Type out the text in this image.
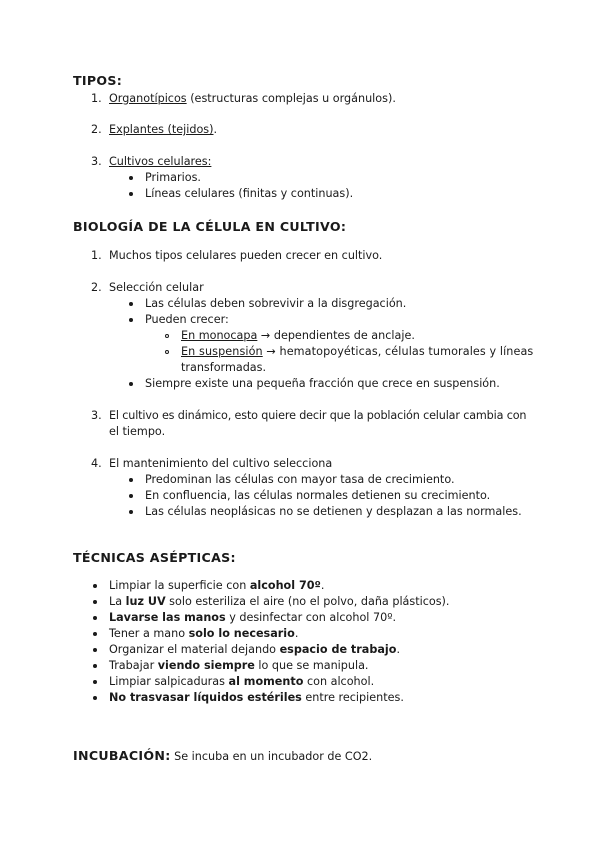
TIPOS:
1. Organotípicos (estructuras complejas u orgánulos).
2. Explantes (tejidos).
3. Cultivos celulares:
Primarios.
Líneas celulares (finitas y continuas).
BIOLOGÍA DE LA CÉLULA EN CULTIVO:
1. Muchos tipos celulares pueden crecer en cultivo.
2. Selección celular
Las células deben sobrevivir a la disgregación.
Pueden crecer:
En monocapa → dependientes de anclaje.
En suspensión → hematopoyéticas, células tumorales y líneas
transformadas.
Siempre existe una pequeña fracción que crece en suspensión.
3. El cultivo es dinámico, esto quiere decir que la población celular cambia con
el tiempo.
4. El mantenimiento del cultivo selecciona
Predominan las células con mayor tasa de crecimiento.
En confluencia, las células normales detienen su crecimiento.
Las células neoplásicas no se detienen y desplazan a las normales.
TÉCNICAS ASÉPTICAS:
Limpiar la superficie con alcohol 70º.
La luz UV solo esteriliza el aire (no el polvo, daña plásticos).
Lavarse las manos y desinfectar con alcohol 70º.
Tener a mano solo lo necesario.
Organizar el material dejando espacio de trabajo.
Trabajar viendo siempre lo que se manipula.
Limpiar salpicaduras al momento con alcohol.
No trasvasar líquidos estériles entre recipientes.
INCUBACIÓN: Se incuba en un incubador de CO2.
